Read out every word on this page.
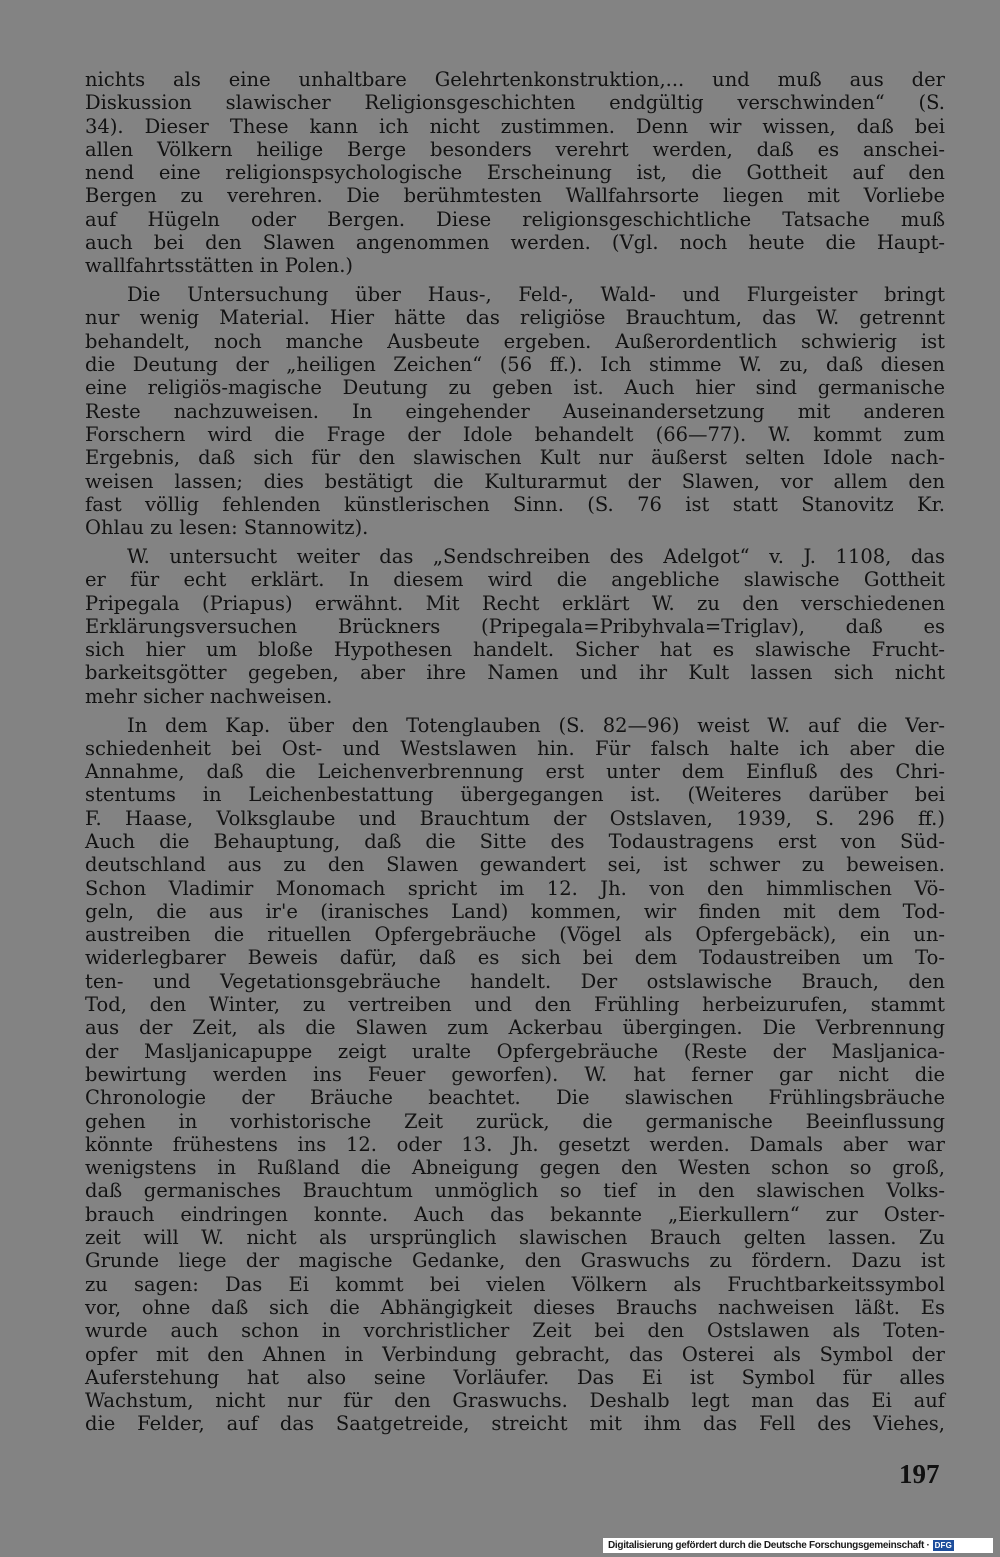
nichts als eine unhaltbare Gelehrtenkonstruktion,... und muß aus der
Diskussion slawischer Religionsgeschichten endgültig verschwinden“ (S.
34). Dieser These kann ich nicht zustimmen. Denn wir wissen, daß bei
allen Völkern heilige Berge besonders verehrt werden, daß es anschei-
nend eine religionspsychologische Erscheinung ist, die Gottheit auf den
Bergen zu verehren. Die berühmtesten Wallfahrsorte liegen mit Vorliebe
auf Hügeln oder Bergen. Diese religionsgeschichtliche Tatsache muß
auch bei den Slawen angenommen werden. (Vgl. noch heute die Haupt-
wallfahrtsstätten in Polen.)
Die Untersuchung über Haus-, Feld-, Wald- und Flurgeister bringt
nur wenig Material. Hier hätte das religiöse Brauchtum, das W. getrennt
behandelt, noch manche Ausbeute ergeben. Außerordentlich schwierig ist
die Deutung der „heiligen Zeichen“ (56 ff.). Ich stimme W. zu, daß diesen
eine religiös-magische Deutung zu geben ist. Auch hier sind germanische
Reste nachzuweisen. In eingehender Auseinandersetzung mit anderen
Forschern wird die Frage der Idole behandelt (66—77). W. kommt zum
Ergebnis, daß sich für den slawischen Kult nur äußerst selten Idole nach-
weisen lassen; dies bestätigt die Kulturarmut der Slawen, vor allem den
fast völlig fehlenden künstlerischen Sinn. (S. 76 ist statt Stanovitz Kr.
Ohlau zu lesen: Stannowitz).
W. untersucht weiter das „Sendschreiben des Adelgot“ v. J. 1108, das
er für echt erklärt. In diesem wird die angebliche slawische Gottheit
Pripegala (Priapus) erwähnt. Mit Recht erklärt W. zu den verschiedenen
Erklärungsversuchen Brückners (Pripegala=Pribyhvala=Triglav), daß es
sich hier um bloße Hypothesen handelt. Sicher hat es slawische Frucht-
barkeitsgötter gegeben, aber ihre Namen und ihr Kult lassen sich nicht
mehr sicher nachweisen.
In dem Kap. über den Totenglauben (S. 82—96) weist W. auf die Ver-
schiedenheit bei Ost- und Westslawen hin. Für falsch halte ich aber die
Annahme, daß die Leichenverbrennung erst unter dem Einfluß des Chri-
stentums in Leichenbestattung übergegangen ist. (Weiteres darüber bei
F. Haase, Volksglaube und Brauchtum der Ostslaven, 1939, S. 296 ff.)
Auch die Behauptung, daß die Sitte des Todaustragens erst von Süd-
deutschland aus zu den Slawen gewandert sei, ist schwer zu beweisen.
Schon Vladimir Monomach spricht im 12. Jh. von den himmlischen Vö-
geln, die aus ir'e (iranisches Land) kommen, wir finden mit dem Tod-
austreiben die rituellen Opfergebräuche (Vögel als Opfergebäck), ein un-
widerlegbarer Beweis dafür, daß es sich bei dem Todaustreiben um To-
ten- und Vegetationsgebräuche handelt. Der ostslawische Brauch, den
Tod, den Winter, zu vertreiben und den Frühling herbeizurufen, stammt
aus der Zeit, als die Slawen zum Ackerbau übergingen. Die Verbrennung
der Masljanicapuppe zeigt uralte Opfergebräuche (Reste der Masljanica-
bewirtung werden ins Feuer geworfen). W. hat ferner gar nicht die
Chronologie der Bräuche beachtet. Die slawischen Frühlingsbräuche
gehen in vorhistorische Zeit zurück, die germanische Beeinflussung
könnte frühestens ins 12. oder 13. Jh. gesetzt werden. Damals aber war
wenigstens in Rußland die Abneigung gegen den Westen schon so groß,
daß germanisches Brauchtum unmöglich so tief in den slawischen Volks-
brauch eindringen konnte. Auch das bekannte „Eierkullern“ zur Oster-
zeit will W. nicht als ursprünglich slawischen Brauch gelten lassen. Zu
Grunde liege der magische Gedanke, den Graswuchs zu fördern. Dazu ist
zu sagen: Das Ei kommt bei vielen Völkern als Fruchtbarkeitssymbol
vor, ohne daß sich die Abhängigkeit dieses Brauchs nachweisen läßt. Es
wurde auch schon in vorchristlicher Zeit bei den Ostslawen als Toten-
opfer mit den Ahnen in Verbindung gebracht, das Osterei als Symbol der
Auferstehung hat also seine Vorläufer. Das Ei ist Symbol für alles
Wachstum, nicht nur für den Graswuchs. Deshalb legt man das Ei auf
die Felder, auf das Saatgetreide, streicht mit ihm das Fell des Viehes,
197
Digitalisierung gefördert durch die Deutsche Forschungsgemeinschaft · DFG
